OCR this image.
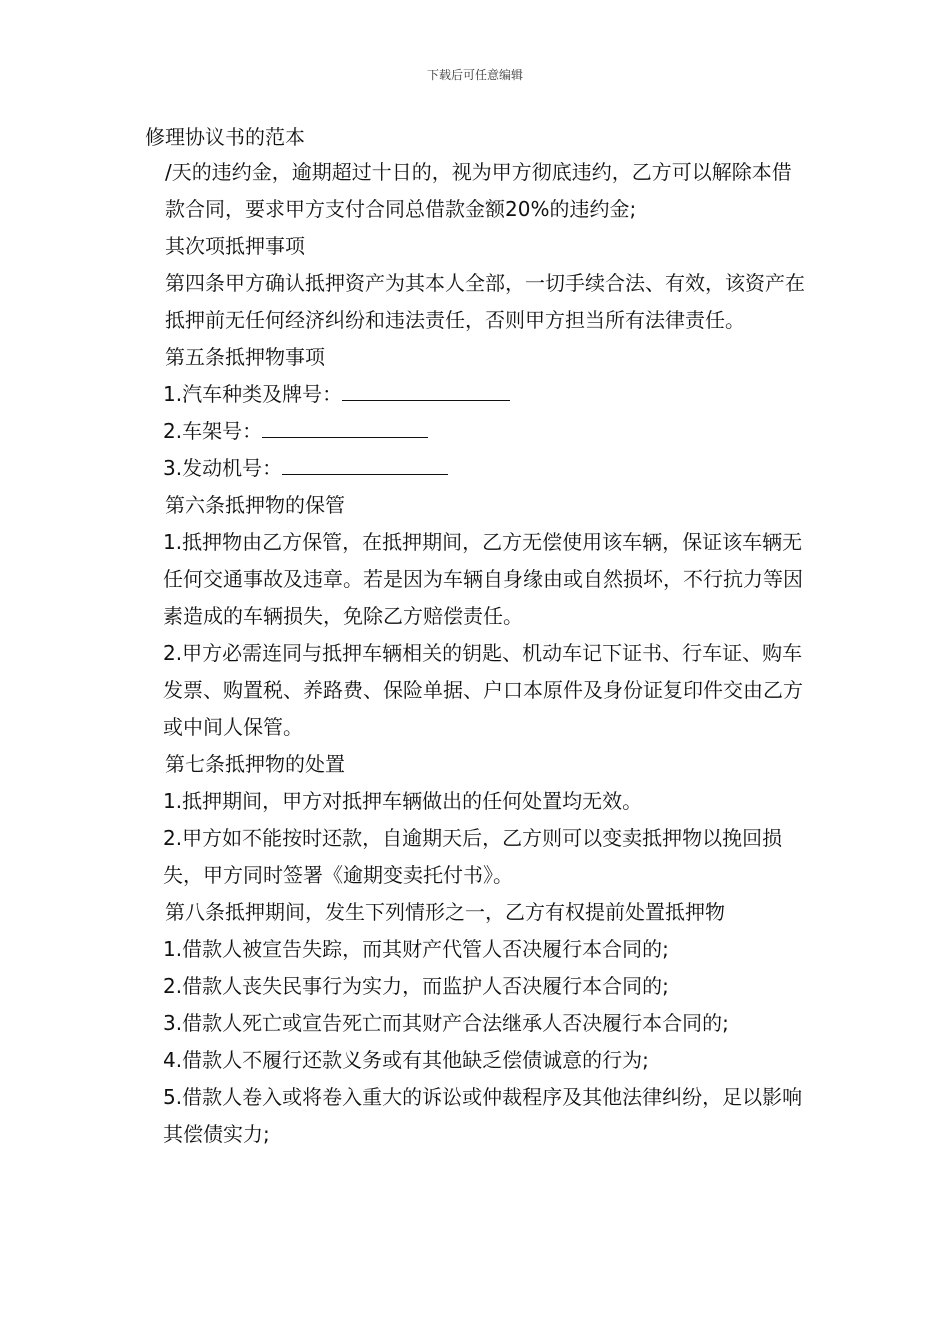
下载后可任意编辑
修理协议书的范本

/天的违约金，逾期超过十日的，视为甲方彻底违约，乙方可以解除本借款合同，要求甲方支付合同总借款金额20%的违约金;

其次项抵押事项

第四条甲方确认抵押资产为其本人全部，一切手续合法、有效，该资产在抵押前无任何经济纠纷和违法责任，否则甲方担当所有法律责任。

第五条抵押物事项

1.汽车种类及牌号：

2.车架号：

3.发动机号：

第六条抵押物的保管

1.抵押物由乙方保管，在抵押期间，乙方无偿使用该车辆，保证该车辆无任何交通事故及违章。若是因为车辆自身缘由或自然损坏，不行抗力等因素造成的车辆损失，免除乙方赔偿责任。

2.甲方必需连同与抵押车辆相关的钥匙、机动车记下证书、行车证、购车发票、购置税、养路费、保险单据、户口本原件及身份证复印件交由乙方或中间人保管。

第七条抵押物的处置

1.抵押期间，甲方对抵押车辆做出的任何处置均无效。

2.甲方如不能按时还款，自逾期天后，乙方则可以变卖抵押物以挽回损失，甲方同时签署《逾期变卖托付书》。

第八条抵押期间，发生下列情形之一，乙方有权提前处置抵押物

1.借款人被宣告失踪，而其财产代管人否决履行本合同的;

2.借款人丧失民事行为实力，而监护人否决履行本合同的;

3.借款人死亡或宣告死亡而其财产合法继承人否决履行本合同的;

4.借款人不履行还款义务或有其他缺乏偿债诚意的行为;

5.借款人卷入或将卷入重大的诉讼或仲裁程序及其他法律纠纷，足以影响其偿债实力;
